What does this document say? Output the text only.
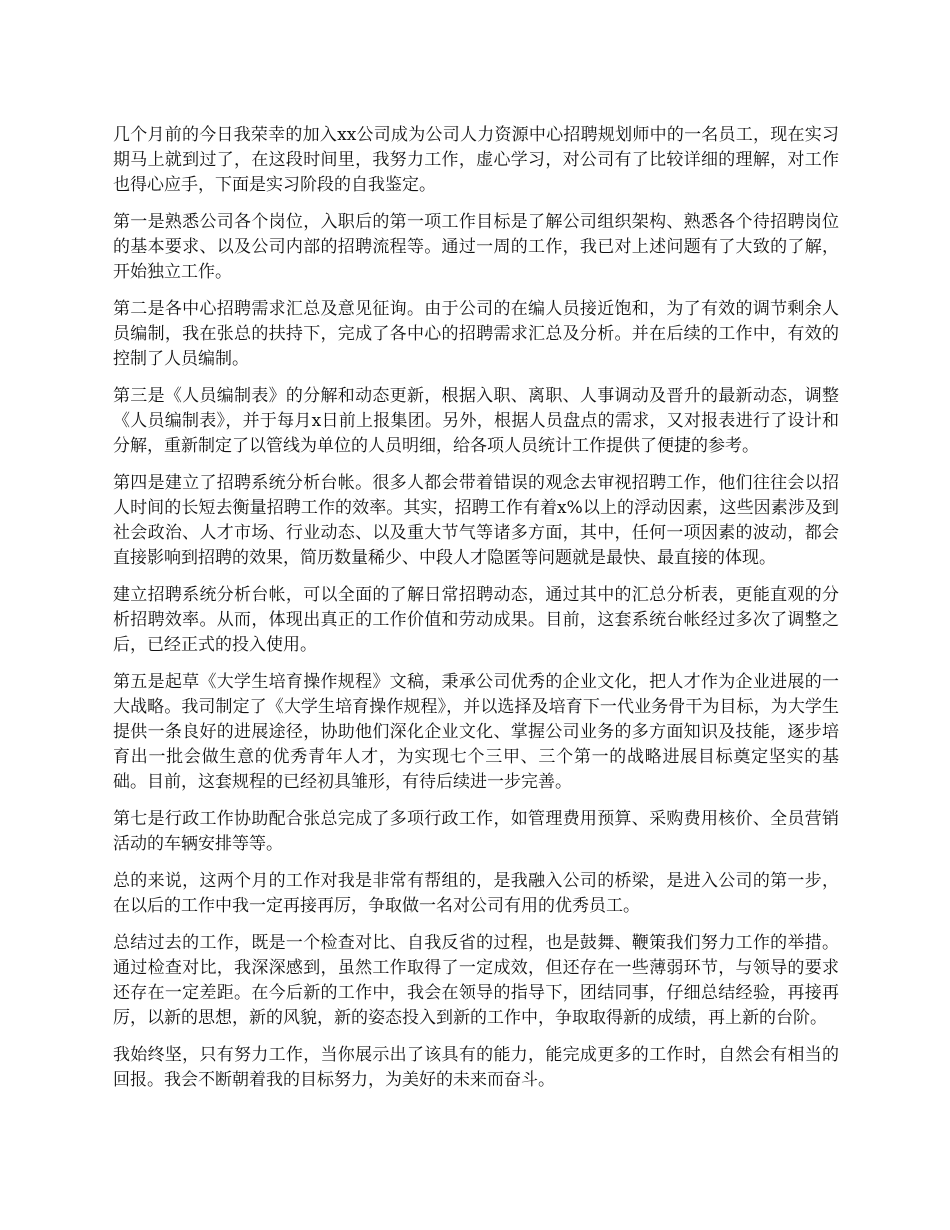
几个月前的今日我荣幸的加入xx公司成为公司人力资源中心招聘规划师中的一名员工，现在实习期马上就到过了，在这段时间里，我努力工作，虚心学习，对公司有了比较详细的理解，对工作也得心应手，下面是实习阶段的自我鉴定。

第一是熟悉公司各个岗位，入职后的第一项工作目标是了解公司组织架构、熟悉各个待招聘岗位的基本要求、以及公司内部的招聘流程等。通过一周的工作，我已对上述问题有了大致的了解，开始独立工作。

第二是各中心招聘需求汇总及意见征询。由于公司的在编人员接近饱和，为了有效的调节剩余人员编制，我在张总的扶持下，完成了各中心的招聘需求汇总及分析。并在后续的工作中，有效的控制了人员编制。

第三是《人员编制表》的分解和动态更新，根据入职、离职、人事调动及晋升的最新动态，调整《人员编制表》，并于每月x日前上报集团。另外，根据人员盘点的需求，又对报表进行了设计和分解，重新制定了以管线为单位的人员明细，给各项人员统计工作提供了便捷的参考。

第四是建立了招聘系统分析台帐。很多人都会带着错误的观念去审视招聘工作，他们往往会以招人时间的长短去衡量招聘工作的效率。其实，招聘工作有着x%以上的浮动因素，这些因素涉及到社会政治、人才市场、行业动态、以及重大节气等诸多方面，其中，任何一项因素的波动，都会直接影响到招聘的效果，简历数量稀少、中段人才隐匿等问题就是最快、最直接的体现。

建立招聘系统分析台帐，可以全面的了解日常招聘动态，通过其中的汇总分析表，更能直观的分析招聘效率。从而，体现出真正的工作价值和劳动成果。目前，这套系统台帐经过多次了调整之后，已经正式的投入使用。

第五是起草《大学生培育操作规程》文稿，秉承公司优秀的企业文化，把人才作为企业进展的一大战略。我司制定了《大学生培育操作规程》，并以选择及培育下一代业务骨干为目标，为大学生提供一条良好的进展途径，协助他们深化企业文化、掌握公司业务的多方面知识及技能，逐步培育出一批会做生意的优秀青年人才，为实现七个三甲、三个第一的战略进展目标奠定坚实的基础。目前，这套规程的已经初具雏形，有待后续进一步完善。

第七是行政工作协助配合张总完成了多项行政工作，如管理费用预算、采购费用核价、全员营销活动的车辆安排等等。

总的来说，这两个月的工作对我是非常有帮组的，是我融入公司的桥梁，是进入公司的第一步，在以后的工作中我一定再接再厉，争取做一名对公司有用的优秀员工。

总结过去的工作，既是一个检查对比、自我反省的过程，也是鼓舞、鞭策我们努力工作的举措。通过检查对比，我深深感到，虽然工作取得了一定成效，但还存在一些薄弱环节，与领导的要求还存在一定差距。在今后新的工作中，我会在领导的指导下，团结同事，仔细总结经验，再接再厉，以新的思想，新的风貌，新的姿态投入到新的工作中，争取取得新的成绩，再上新的台阶。

我始终坚，只有努力工作，当你展示出了该具有的能力，能完成更多的工作时，自然会有相当的回报。我会不断朝着我的目标努力，为美好的未来而奋斗。
